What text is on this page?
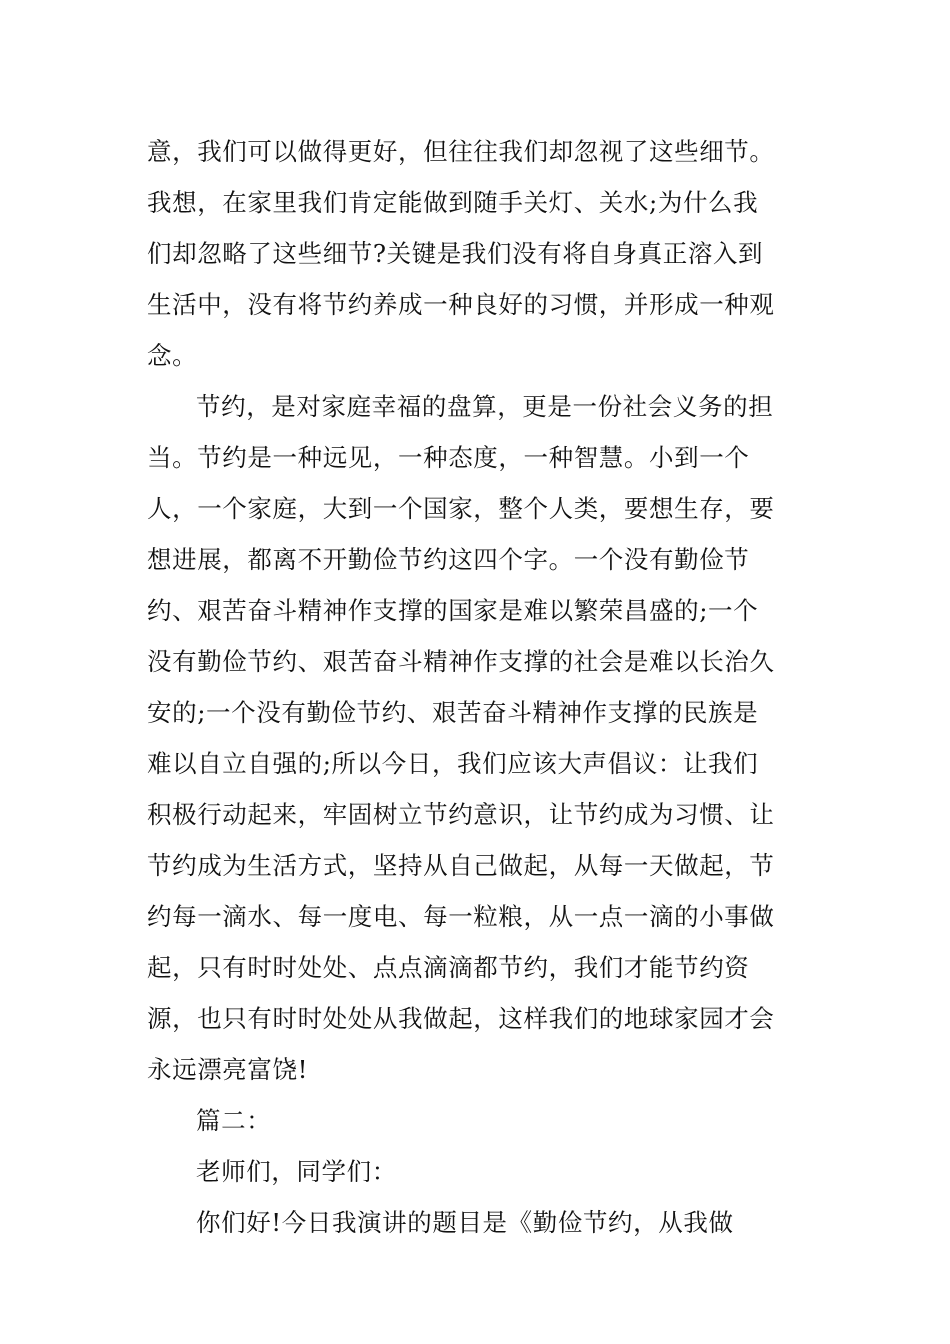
意，我们可以做得更好，但往往我们却忽视了这些细节。
我想，在家里我们肯定能做到随手关灯、关水;为什么我
们却忽略了这些细节?关键是我们没有将自身真正溶入到
生活中，没有将节约养成一种良好的习惯，并形成一种观
念。
节约，是对家庭幸福的盘算，更是一份社会义务的担
当。节约是一种远见，一种态度，一种智慧。小到一个
人，一个家庭，大到一个国家，整个人类，要想生存，要
想进展，都离不开勤俭节约这四个字。一个没有勤俭节
约、艰苦奋斗精神作支撑的国家是难以繁荣昌盛的;一个
没有勤俭节约、艰苦奋斗精神作支撑的社会是难以长治久
安的;一个没有勤俭节约、艰苦奋斗精神作支撑的民族是
难以自立自强的;所以今日，我们应该大声倡议：让我们
积极行动起来，牢固树立节约意识，让节约成为习惯、让
节约成为生活方式，坚持从自己做起，从每一天做起，节
约每一滴水、每一度电、每一粒粮，从一点一滴的小事做
起，只有时时处处、点点滴滴都节约，我们才能节约资
源，也只有时时处处从我做起，这样我们的地球家园才会
永远漂亮富饶!
篇二：
老师们，同学们：
你们好!今日我演讲的题目是《勤俭节约，从我做
